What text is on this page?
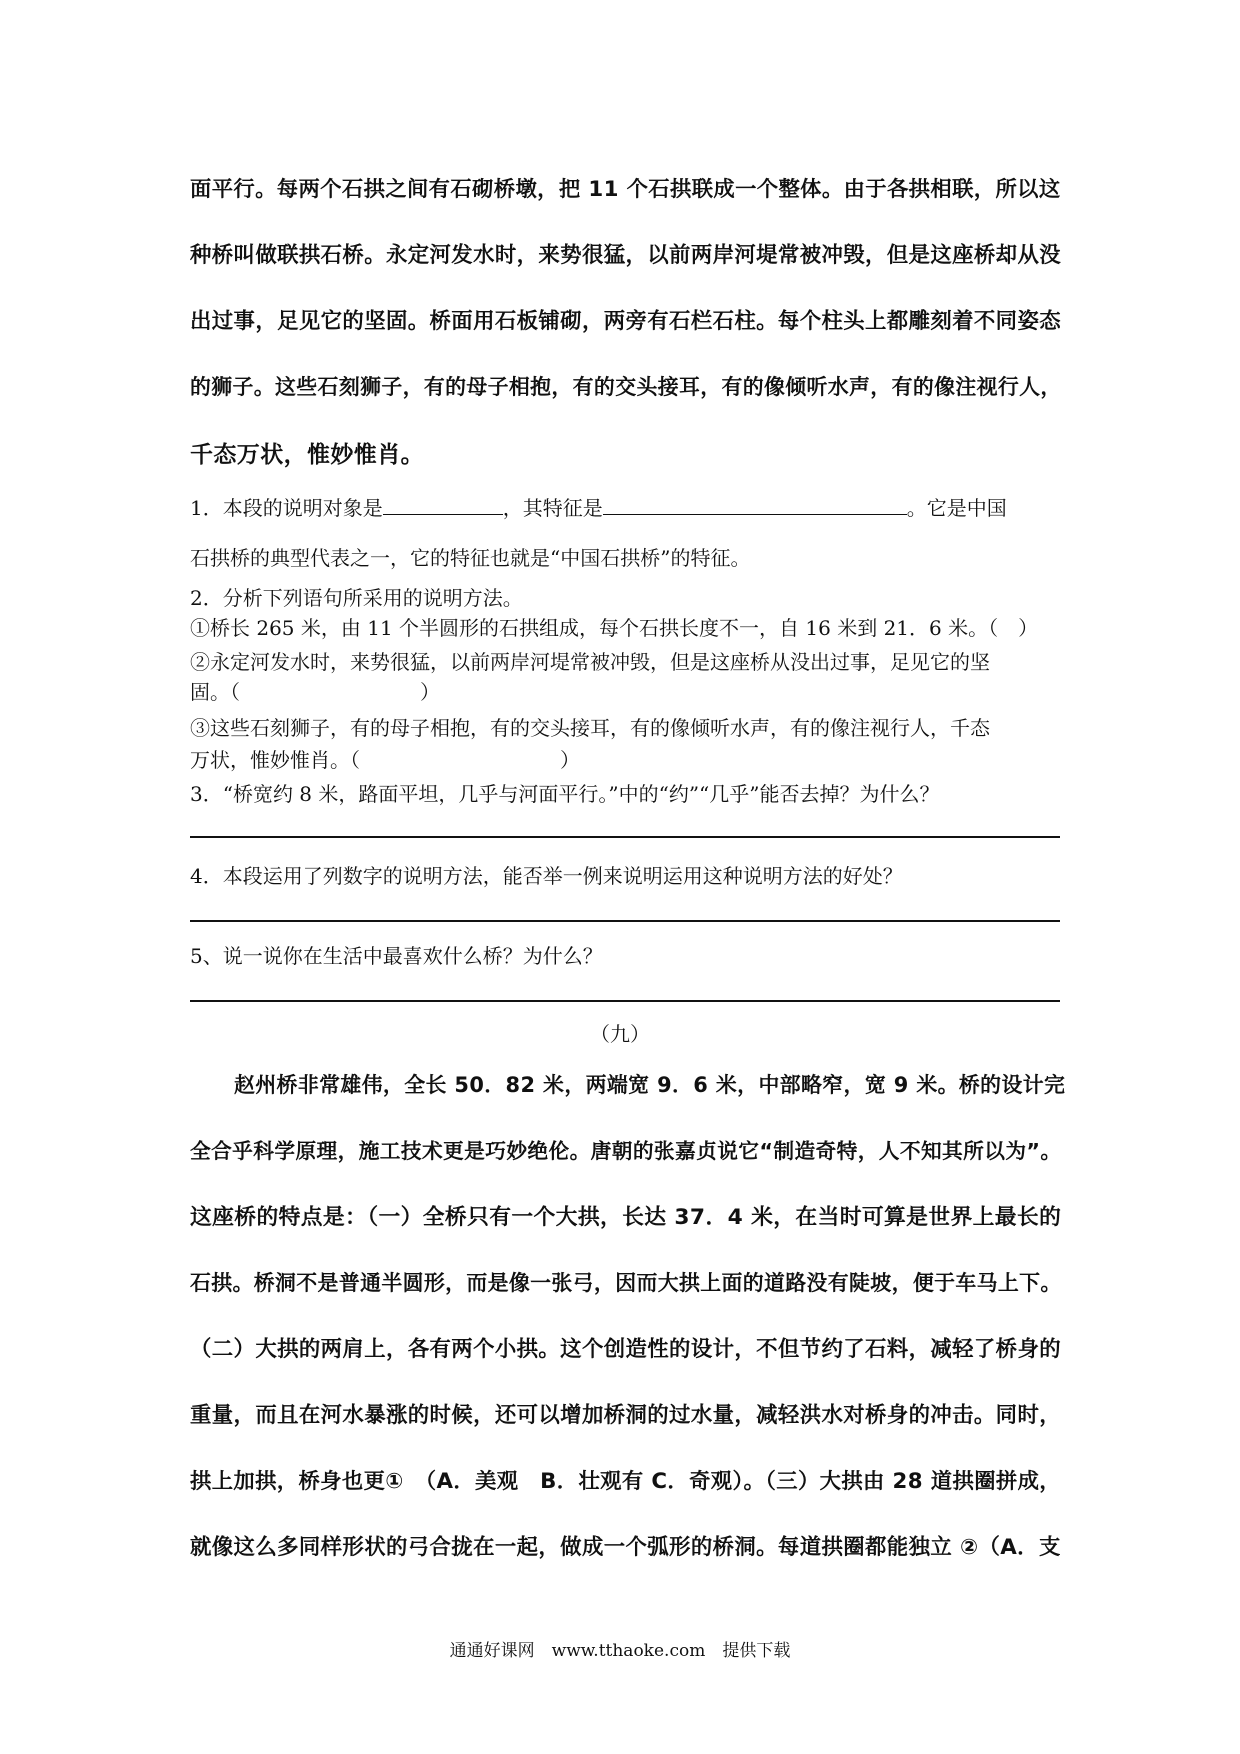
面平行。每两个石拱之间有石砌桥墩，把 11 个石拱联成一个整体。由于各拱相联，所以这
种桥叫做联拱石桥。永定河发水时，来势很猛，以前两岸河堤常被冲毁，但是这座桥却从没
出过事，足见它的坚固。桥面用石板铺砌，两旁有石栏石柱。每个柱头上都雕刻着不同姿态
的狮子。这些石刻狮子，有的母子相抱，有的交头接耳，有的像倾听水声，有的像注视行人，
千态万状，惟妙惟肖。
1．本段的说明对象是	，其特征是	。它是中国
石拱桥的典型代表之一，它的特征也就是“中国石拱桥”的特征。
2．分析下列语句所采用的说明方法。
①桥长 265 米，由 11 个半圆形的石拱组成，每个石拱长度不一，自 16 米到 21．6 米。（　）
②永定河发水时，来势很猛，以前两岸河堤常被冲毁，但是这座桥从没出过事，足见它的坚
固。（　　　　　　　　　）
③这些石刻狮子，有的母子相抱，有的交头接耳，有的像倾听水声，有的像注视行人，千态
万状，惟妙惟肖。（　　　　　　　　　　）
3．“桥宽约 8 米，路面平坦，几乎与河面平行。”中的“约”“几乎”能否去掉？为什么？
4．本段运用了列数字的说明方法，能否举一例来说明运用这种说明方法的好处？
5、说一说你在生活中最喜欢什么桥？为什么？
（九）
赵州桥非常雄伟，全长 50．82 米，两端宽 9．6 米，中部略窄，宽 9 米。桥的设计完
全合乎科学原理，施工技术更是巧妙绝伦。唐朝的张嘉贞说它“制造奇特，人不知其所以为”。
这座桥的特点是：（一）全桥只有一个大拱，长达 37．4 米，在当时可算是世界上最长的
石拱。桥洞不是普通半圆形，而是像一张弓，因而大拱上面的道路没有陡坡，便于车马上下。
（二）大拱的两肩上，各有两个小拱。这个创造性的设计，不但节约了石料，减轻了桥身的
重量，而且在河水暴涨的时候，还可以增加桥洞的过水量，减轻洪水对桥身的冲击。同时，
拱上加拱，桥身也更①　（A．美观　B．壮观有 C．奇观）。（三）大拱由 28 道拱圈拼成，
就像这么多同样形状的弓合拢在一起，做成一个弧形的桥洞。每道拱圈都能独立 ②（A．支
通通好课网　www.tthaoke.com　提供下载
